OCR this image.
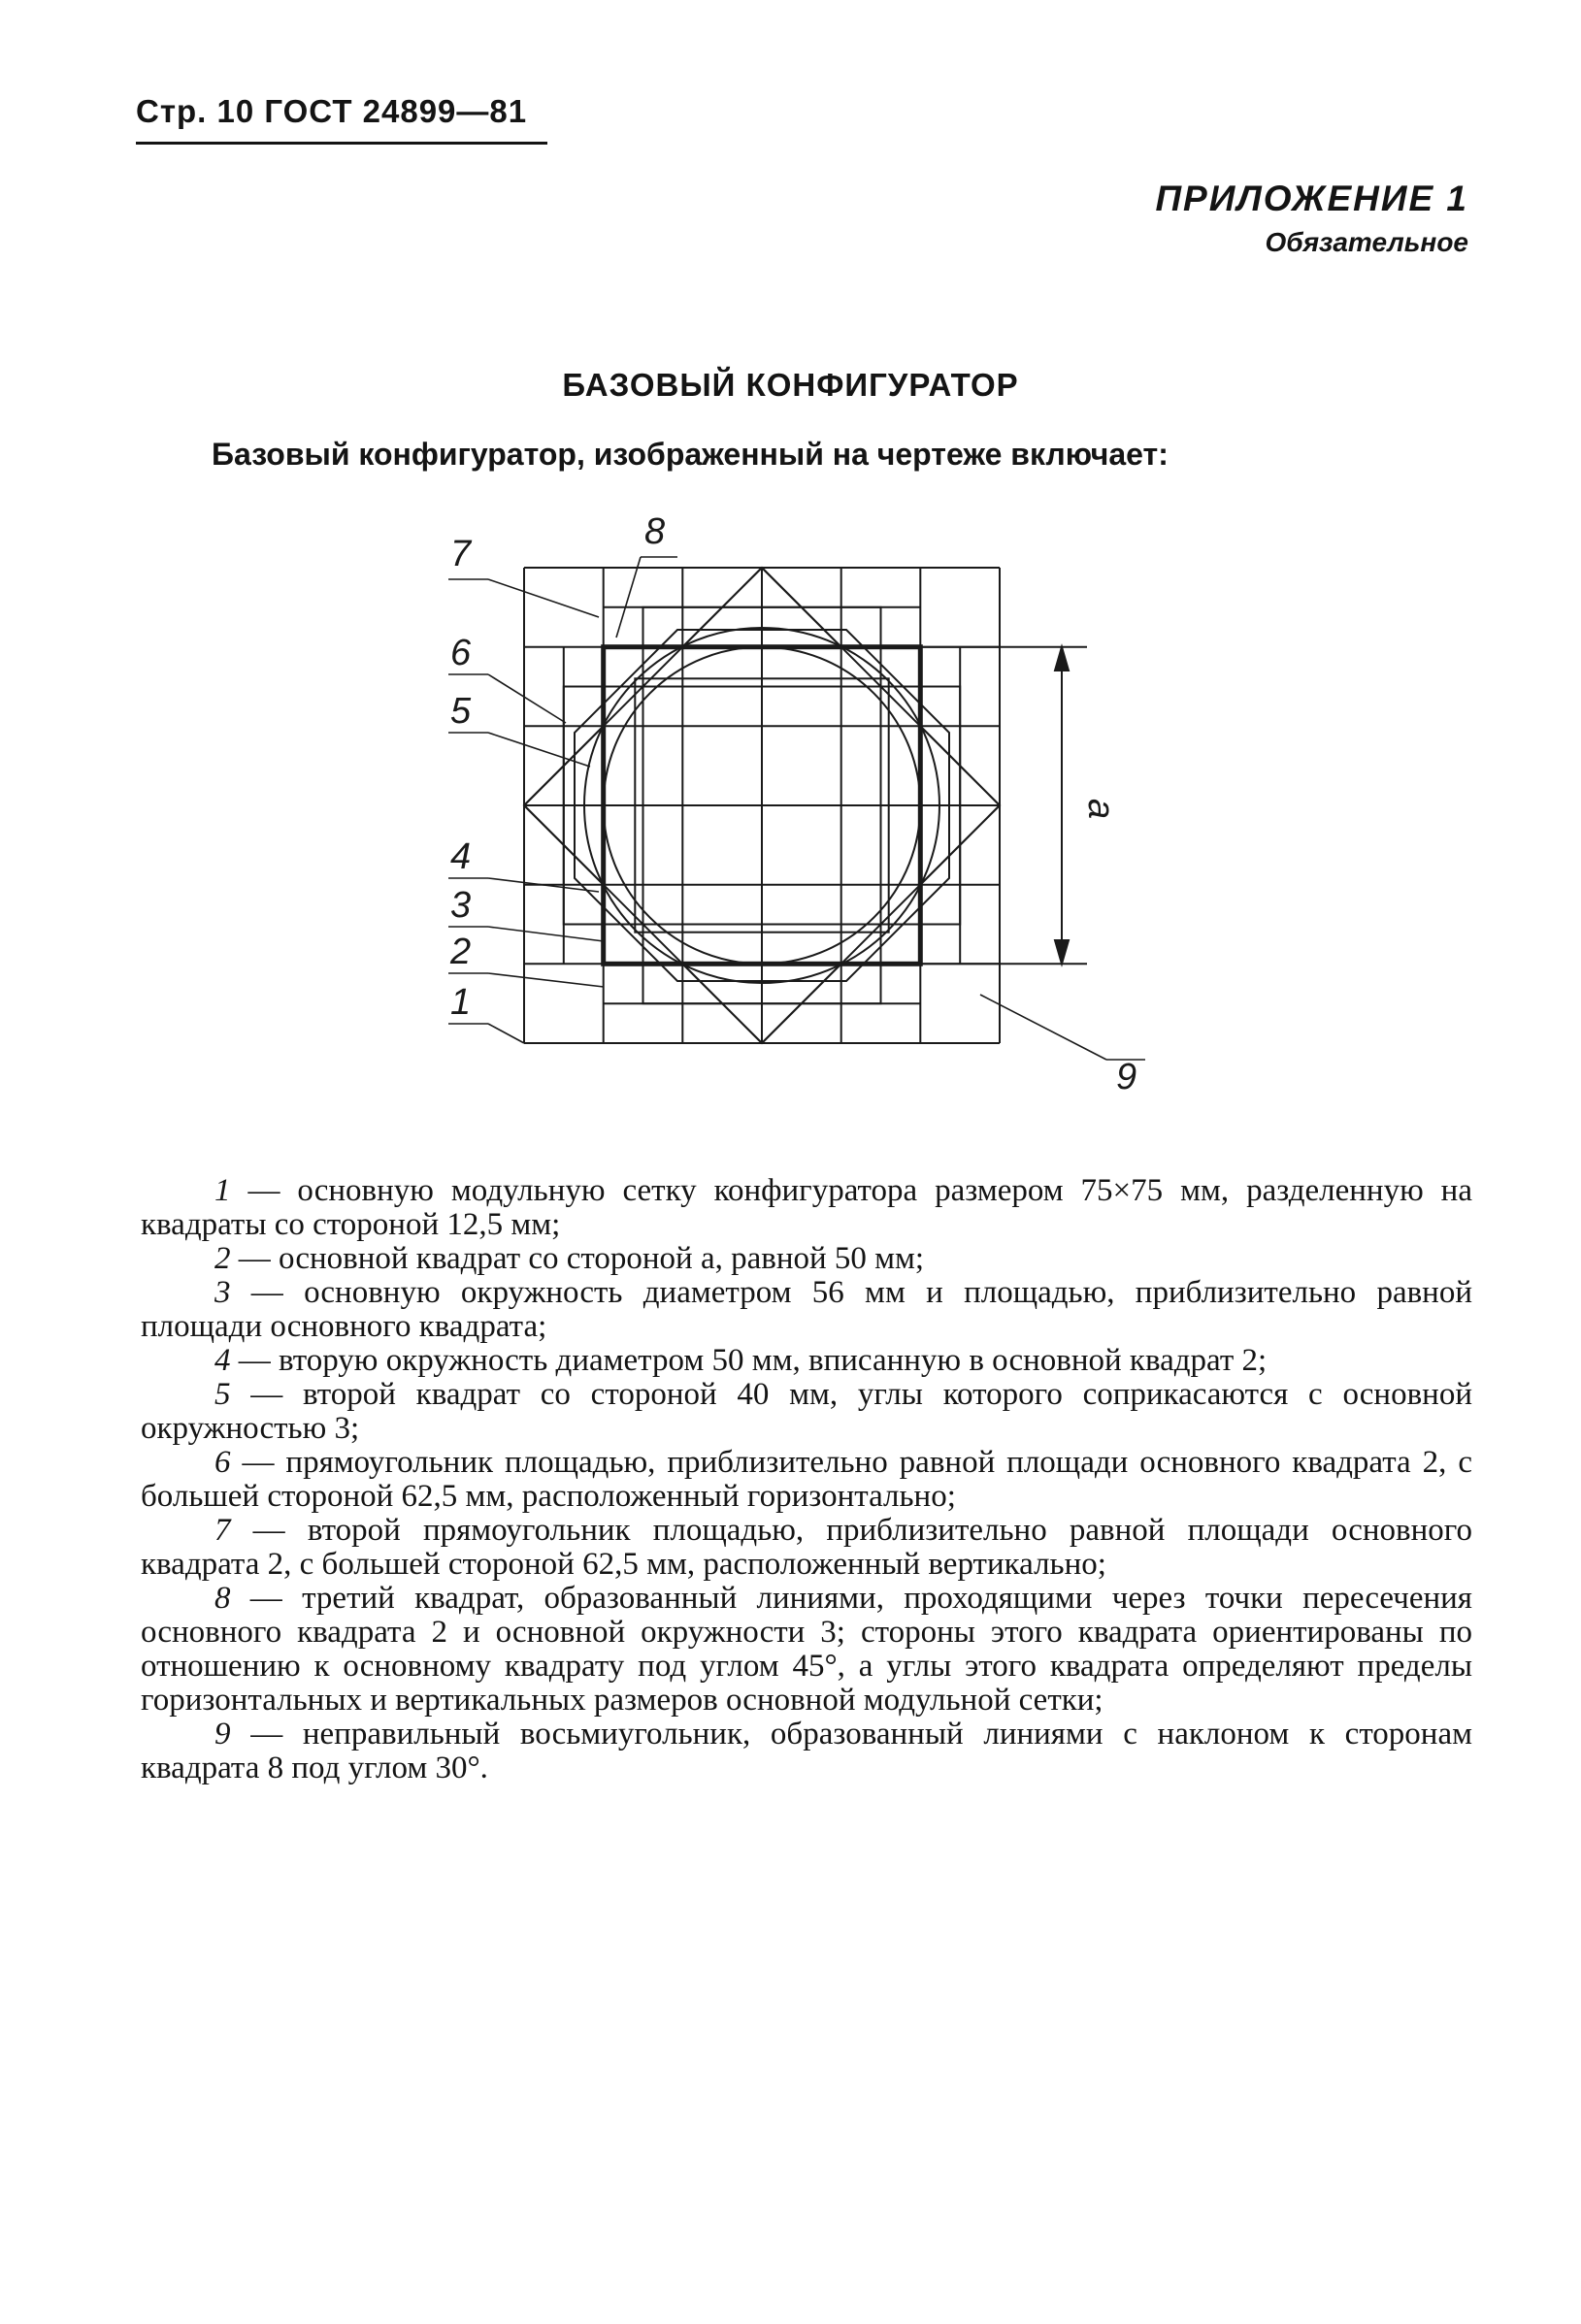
Стр. 10 ГОСТ 24899—81
ПРИЛОЖЕНИЕ 1
Обязательное
БАЗОВЫЙ КОНФИГУРАТОР
Базовый конфигуратор, изображенный на чертеже включает:
7
8
6
5
4
3
2
1
9
a

1 — основную модульную сетку конфигуратора размером 75×75 мм, разделенную на квадраты со стороной 12,5 мм;

2 — основной квадрат со стороной а, равной 50 мм;

3 — основную окружность диаметром 56 мм и площадью, приблизительно равной площади основного квадрата;

4 — вторую окружность диаметром 50 мм, вписанную в основной квадрат 2;

5 — второй квадрат со стороной 40 мм, углы которого соприкасаются с основной окружностью 3;

6 — прямоугольник площадью, приблизительно равной площади основного квадрата 2, с большей стороной 62,5 мм, расположенный горизонтально;

7 — второй прямоугольник площадью, приблизительно равной площади основного квадрата 2, с большей стороной 62,5 мм, расположенный вертикально;

8 — третий квадрат, образованный линиями, проходящими через точки пересечения основного квадрата 2 и основной окружности 3; стороны этого квадрата ориентированы по отношению к основному квадрату под углом 45°, а углы этого квадрата определяют пределы горизонтальных и вертикальных размеров основной модульной сетки;

9 — неправильный восьмиугольник, образованный линиями с наклоном к сторонам квадрата 8 под углом 30°.
